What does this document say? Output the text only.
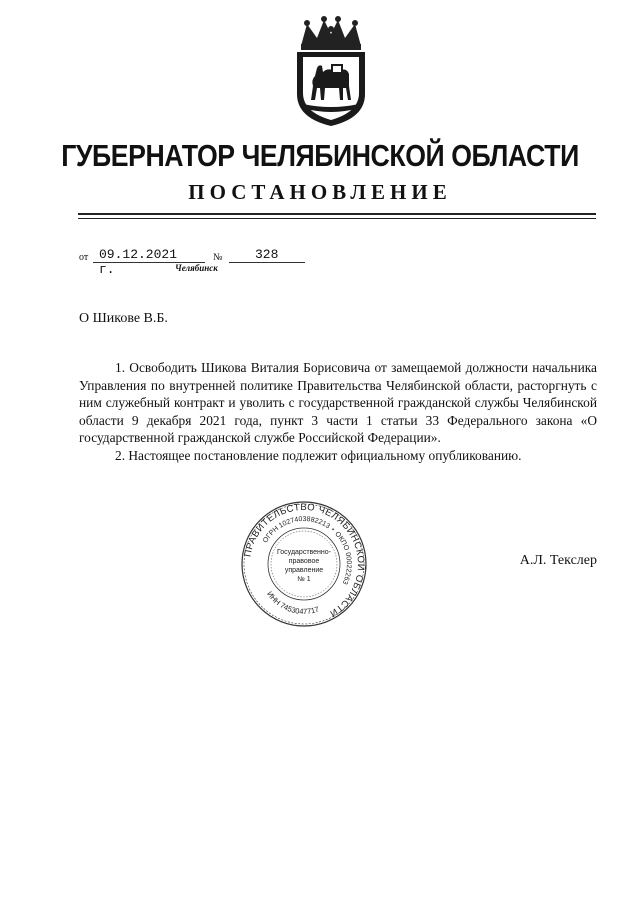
ГУБЕРНАТОР ЧЕЛЯБИНСКОЙ ОБЛАСТИ
ПОСТАНОВЛЕНИЕ
от 09.12.2021 г.
№ 328
Челябинск
О Шикове В.Б.

1. Освободить Шикова Виталия Борисовича от замещаемой должности начальника Управления по внутренней политике Правительства Челябинской области, расторгнуть с ним служебный контракт и уволить с государственной гражданской службы Челябинской области 9 декабря 2021 года, пункт 3 части 1 статьи 33 Федерального закона «О государственной гражданской службе Российской Федерации».

2. Настоящее постановление подлежит официальному опубликованию.

ПРАВИТЕЛЬСТВО ЧЕЛЯБИНСКОЙ ОБЛАСТИ
ОГРН 1027403882213 ⋆ ОКПО 00022263
ИНН 7453047717
Государственно-
правовое
управление
№ 1
А.Л. Текслер
